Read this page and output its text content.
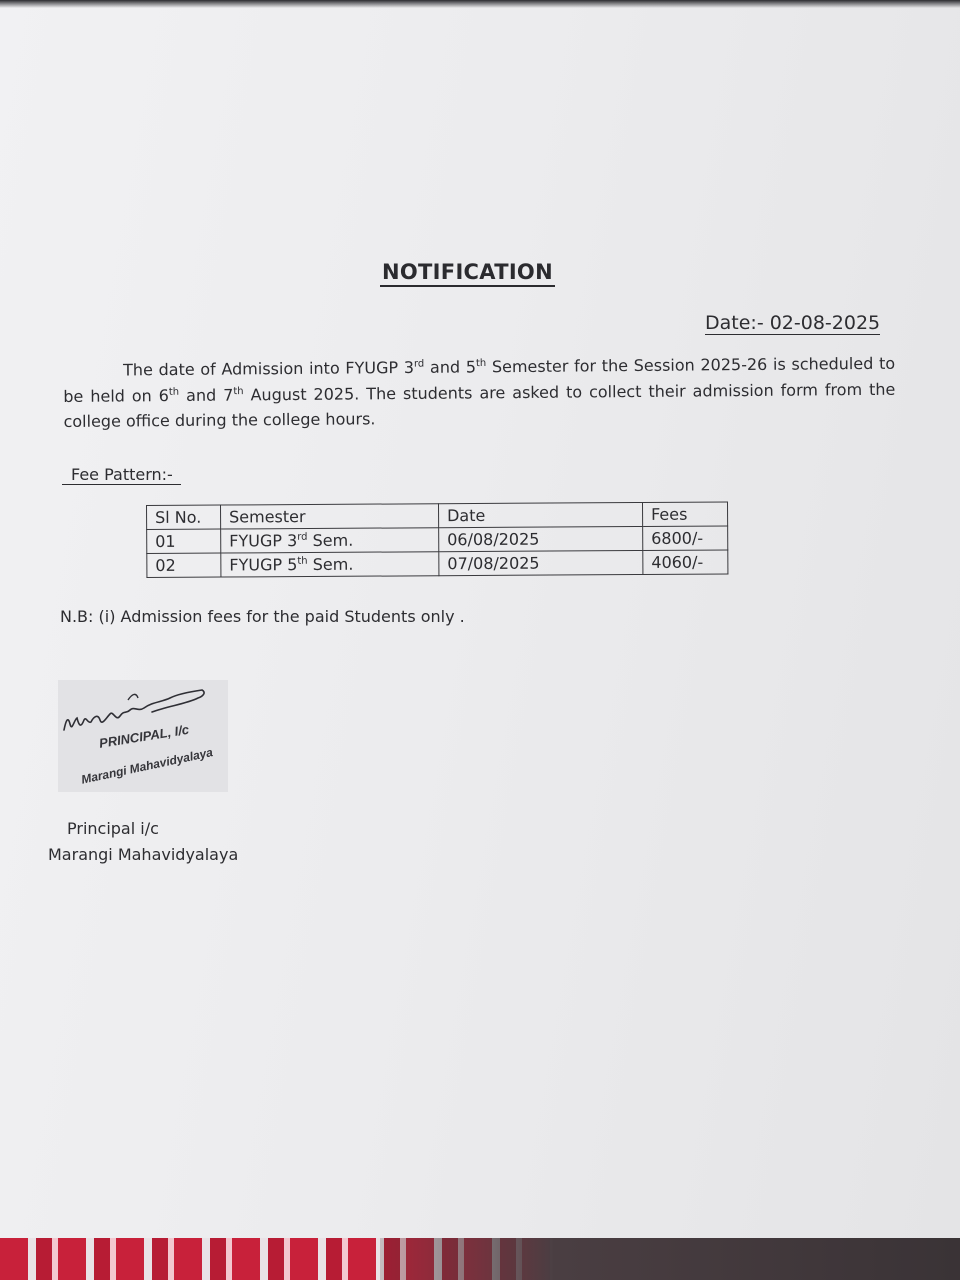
NOTIFICATION
Date:- 02-08-2025
The date of Admission into FYUGP 3rd and 5th Semester for the Session 2025-26 is scheduled to be held on 6th and 7th August 2025. The students are asked to collect their admission form from the college office during the college hours.
Fee Pattern:-
Sl No.	Semester	Date	Fees
01	FYUGP 3rd Sem.	06/08/2025	6800/-
02	FYUGP 5th Sem.	07/08/2025	4060/-
N.B: (i) Admission fees for the paid Students only .
PRINCIPAL, I/c
Marangi Mahavidyalaya
Principal i/c
Marangi Mahavidyalaya
